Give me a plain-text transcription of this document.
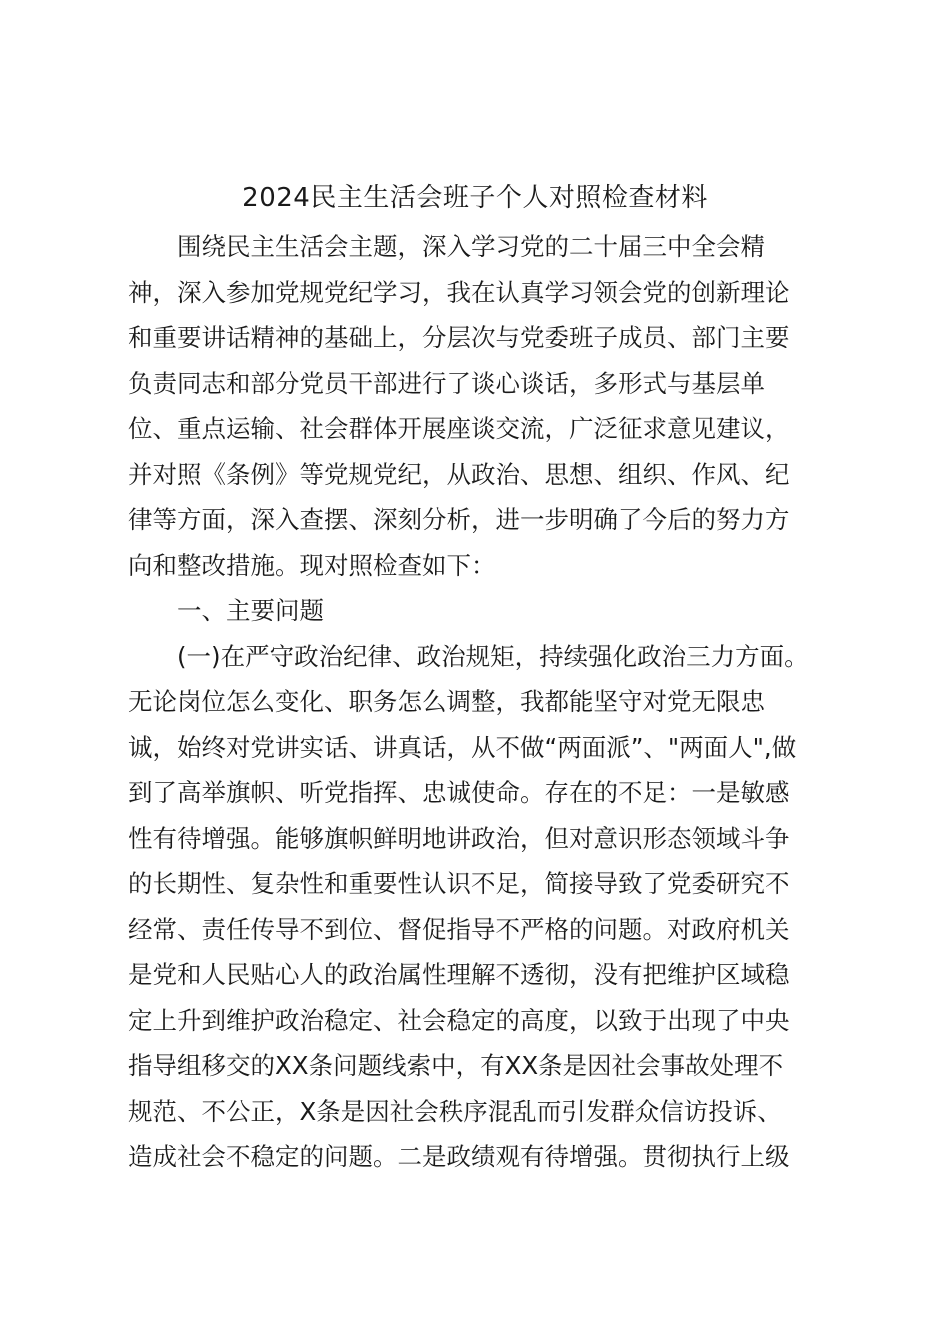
2024民主生活会班子个人对照检查材料
围绕民主生活会主题，深入学习党的二十届三中全会精
神，深入参加党规党纪学习，我在认真学习领会党的创新理论
和重要讲话精神的基础上，分层次与党委班子成员、部门主要
负责同志和部分党员干部进行了谈心谈话，多形式与基层单
位、重点运输、社会群体开展座谈交流，广泛征求意见建议，
并对照《条例》等党规党纪，从政治、思想、组织、作风、纪
律等方面，深入查摆、深刻分析，进一步明确了今后的努力方
向和整改措施。现对照检查如下：
一、主要问题
(一)在严守政治纪律、政治规矩，持续强化政治三力方面。
无论岗位怎么变化、职务怎么调整，我都能坚守对党无限忠
诚，始终对党讲实话、讲真话，从不做“两面派”、"两面人",做
到了高举旗帜、听党指挥、忠诚使命。存在的不足：一是敏感
性有待增强。能够旗帜鲜明地讲政治，但对意识形态领域斗争
的长期性、复杂性和重要性认识不足，简接导致了党委研究不
经常、责任传导不到位、督促指导不严格的问题。对政府机关
是党和人民贴心人的政治属性理解不透彻，没有把维护区域稳
定上升到维护政治稳定、社会稳定的高度，以致于出现了中央
指导组移交的XX条问题线索中，有XX条是因社会事故处理不
规范、不公正，X条是因社会秩序混乱而引发群众信访投诉、
造成社会不稳定的问题。二是政绩观有待增强。贯彻执行上级
